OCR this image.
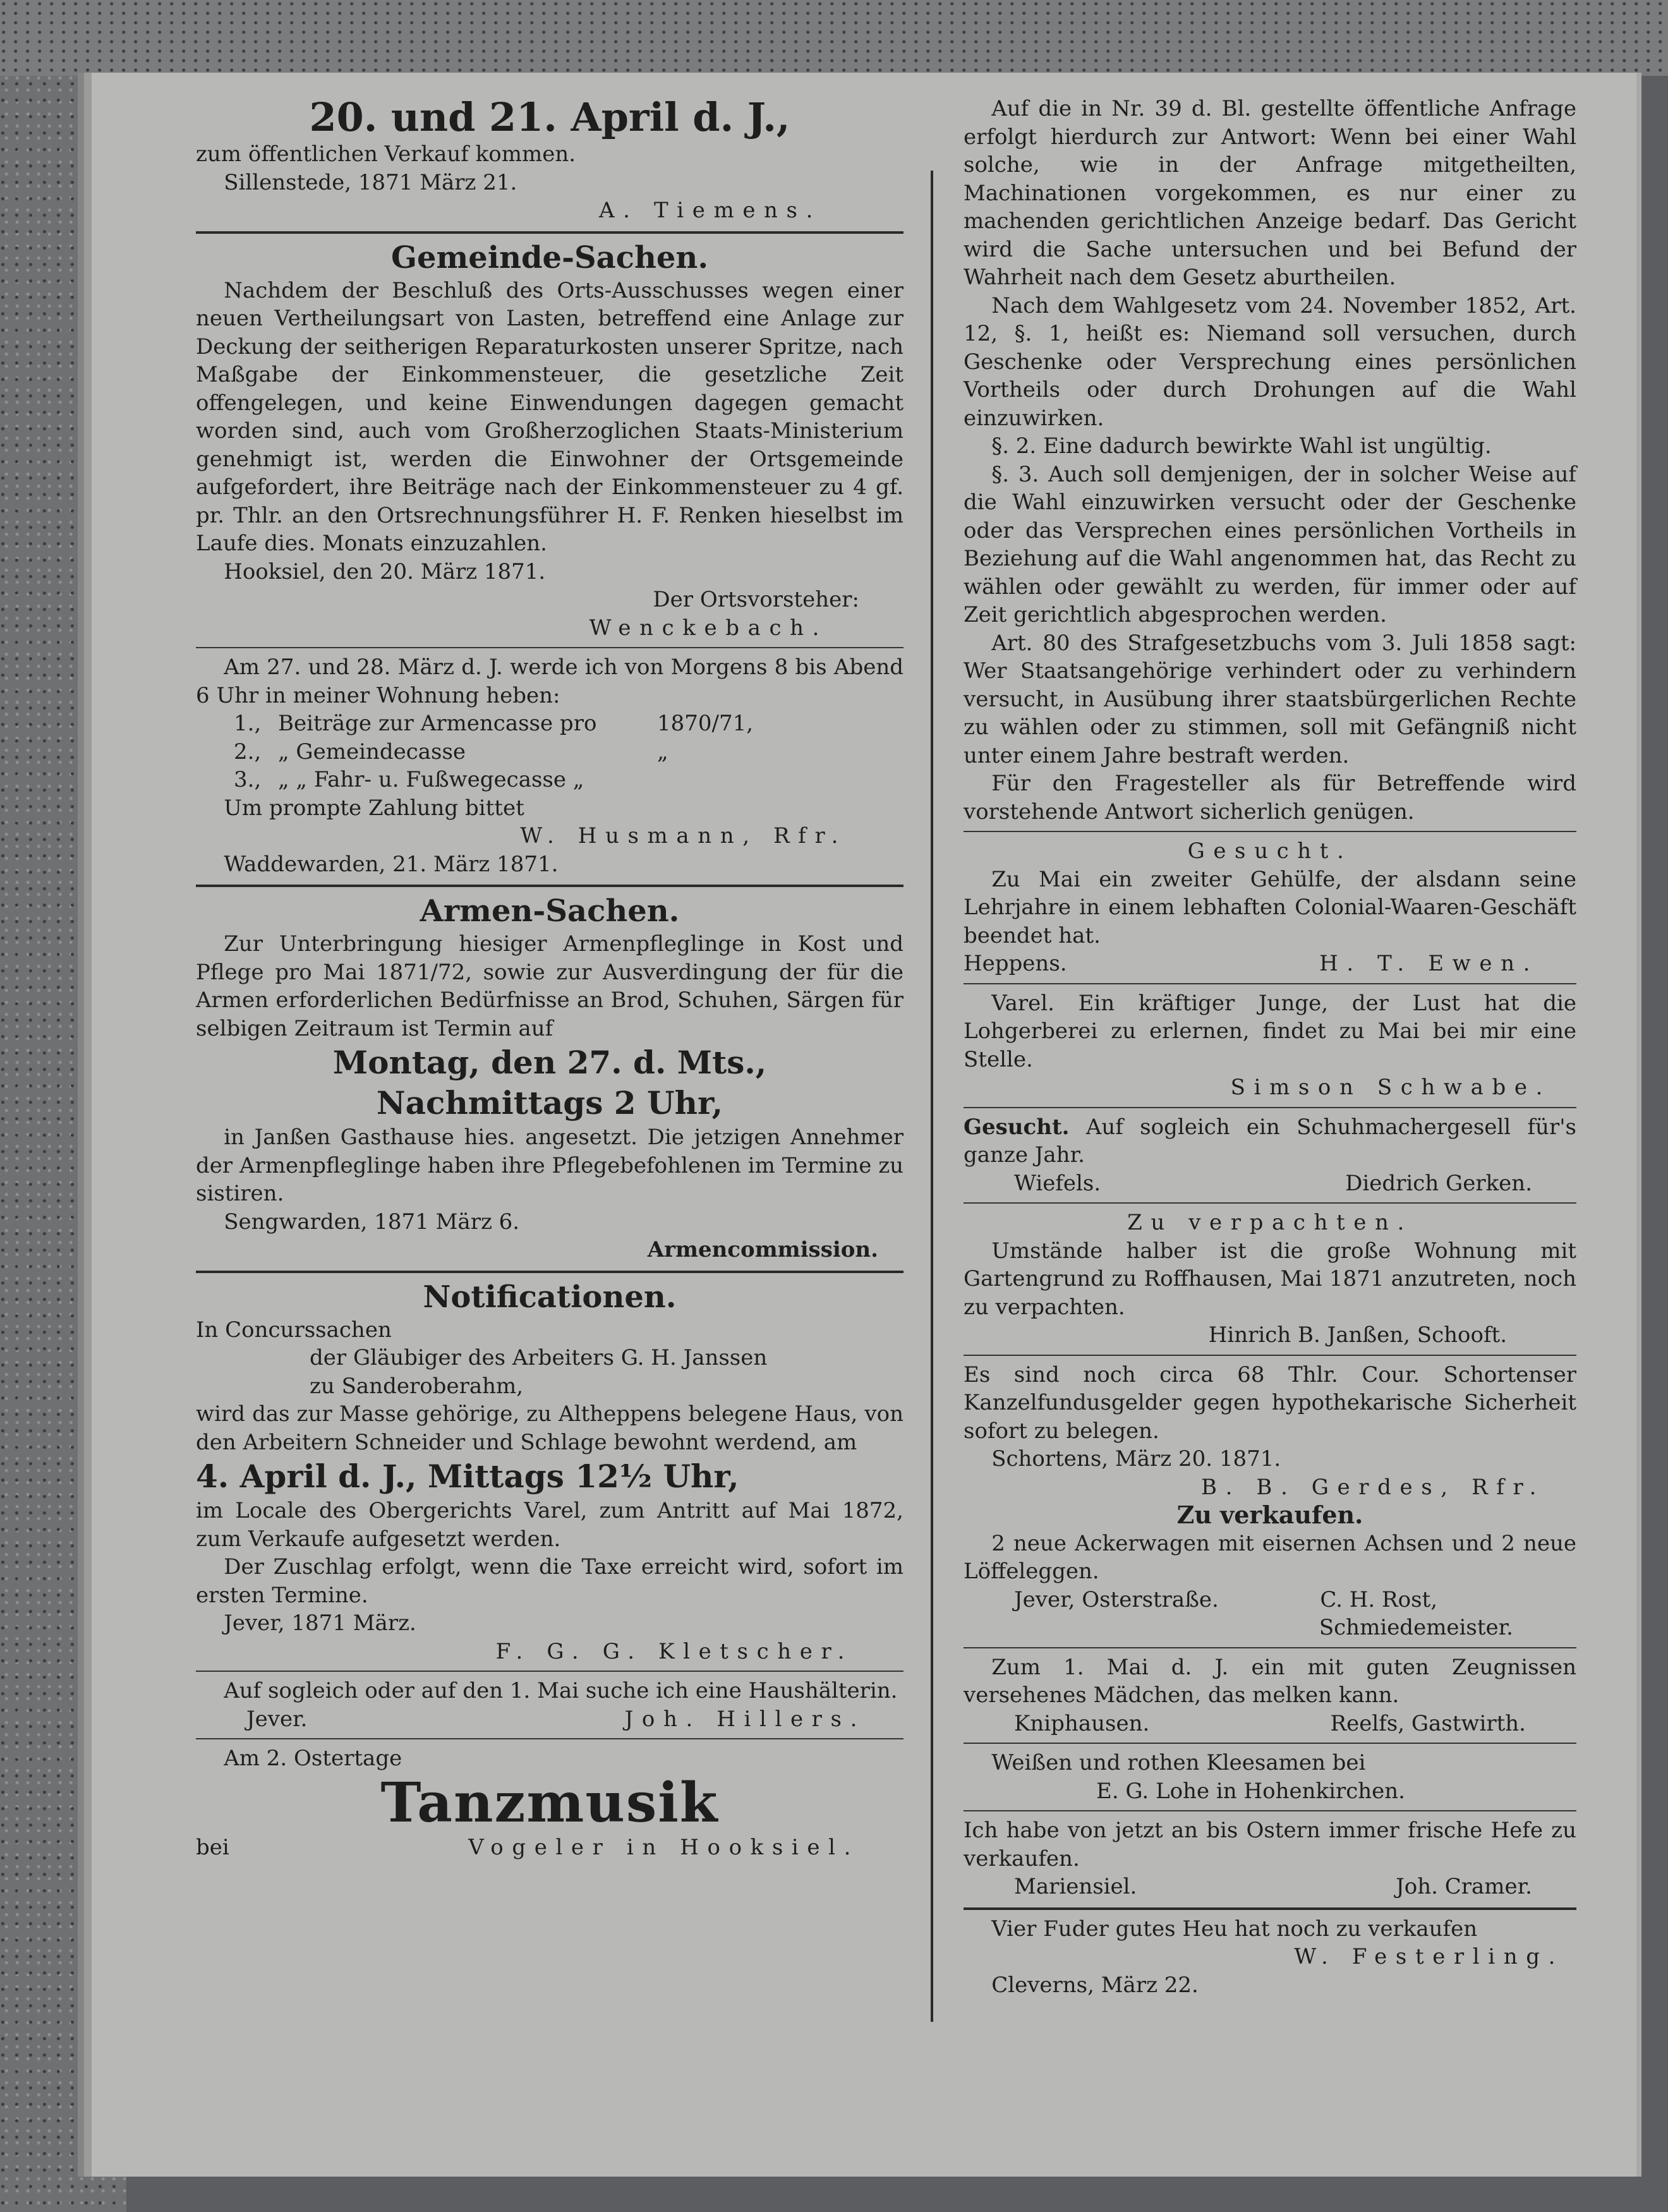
20. und 21. April d. J.,
zum öffentlichen Verkauf kommen.
Sillenstede, 1871 März 21.
A. Tiemens.
Gemeinde-Sachen.
Nachdem der Beschluß des Orts-Ausschusses wegen einer neuen Vertheilungsart von Lasten, betreffend eine Anlage zur Deckung der seitherigen Reparaturkosten unserer Spritze, nach Maßgabe der Einkommensteuer, die gesetzliche Zeit offengelegen, und keine Einwendungen dagegen gemacht worden sind, auch vom Großherzoglichen Staats-Ministerium genehmigt ist, werden die Einwohner der Ortsgemeinde aufgefordert, ihre Beiträge nach der Einkommensteuer zu 4 gf. pr. Thlr. an den Ortsrechnungsführer H. F. Renken hieselbst im Laufe dies. Monats einzuzahlen.
Hooksiel, den 20. März 1871.
Der Ortsvorsteher:
Wenckebach.
Am 27. und 28. März d. J. werde ich von Morgens 8 bis Abend 6 Uhr in meiner Wohnung heben:
1., Beiträge zur Armencasse pro	1870/71,
2., „ Gemeindecasse	„
3., „ „ Fahr- u. Fußwegecasse „
Um prompte Zahlung bittet
W. Husmann, Rfr.
Waddewarden, 21. März 1871.
Armen-Sachen.
Zur Unterbringung hiesiger Armenpfleglinge in Kost und Pflege pro Mai 1871/72, sowie zur Ausverdingung der für die Armen erforderlichen Bedürfnisse an Brod, Schuhen, Särgen für selbigen Zeitraum ist Termin auf
Montag, den 27. d. Mts.,
Nachmittags 2 Uhr,
in Janßen Gasthause hies. angesetzt. Die jetzigen Annehmer der Armenpfleglinge haben ihre Pflegebefohlenen im Termine zu sistiren.
Sengwarden, 1871 März 6.
Armencommission.
Notificationen.
In Concurssachen
der Gläubiger des Arbeiters G. H. Janssen
zu Sanderoberahm,
wird das zur Masse gehörige, zu Altheppens belegene Haus, von den Arbeitern Schneider und Schlage bewohnt werdend, am
4. April d. J., Mittags 12½ Uhr,
im Locale des Obergerichts Varel, zum Antritt auf Mai 1872, zum Verkaufe aufgesetzt werden.
Der Zuschlag erfolgt, wenn die Taxe erreicht wird, sofort im ersten Termine.
Jever, 1871 März.
F. G. G. Kletscher.
Auf sogleich oder auf den 1. Mai suche ich eine Haushälterin.
Jever.	Joh. Hillers.
Am 2. Ostertage
Tanzmusik
bei	Vogeler in Hooksiel.
Auf die in Nr. 39 d. Bl. gestellte öffentliche Anfrage erfolgt hierdurch zur Antwort: Wenn bei einer Wahl solche, wie in der Anfrage mitgetheilten, Machinationen vorgekommen, es nur einer zu machenden gerichtlichen Anzeige bedarf. Das Gericht wird die Sache untersuchen und bei Befund der Wahrheit nach dem Gesetz aburtheilen.
Nach dem Wahlgesetz vom 24. November 1852, Art. 12, §. 1, heißt es: Niemand soll versuchen, durch Geschenke oder Versprechung eines persönlichen Vortheils oder durch Drohungen auf die Wahl einzuwirken.
§. 2. Eine dadurch bewirkte Wahl ist ungültig.
§. 3. Auch soll demjenigen, der in solcher Weise auf die Wahl einzuwirken versucht oder der Geschenke oder das Versprechen eines persönlichen Vortheils in Beziehung auf die Wahl angenommen hat, das Recht zu wählen oder gewählt zu werden, für immer oder auf Zeit gerichtlich abgesprochen werden.
Art. 80 des Strafgesetzbuchs vom 3. Juli 1858 sagt: Wer Staatsangehörige verhindert oder zu verhindern versucht, in Ausübung ihrer staatsbürgerlichen Rechte zu wählen oder zu stimmen, soll mit Gefängniß nicht unter einem Jahre bestraft werden.
Für den Fragesteller als für Betreffende wird vorstehende Antwort sicherlich genügen.
Gesucht.
Zu Mai ein zweiter Gehülfe, der alsdann seine Lehrjahre in einem lebhaften Colonial-Waaren-Geschäft beendet hat.
Heppens.	H. T. Ewen.
Varel. Ein kräftiger Junge, der Lust hat die Lohgerberei zu erlernen, findet zu Mai bei mir eine Stelle.
Simson Schwabe.
Gesucht. Auf sogleich ein Schuhmachergesell für's ganze Jahr.
Wiefels.	Diedrich Gerken.
Zu verpachten.
Umstände halber ist die große Wohnung mit Gartengrund zu Roffhausen, Mai 1871 anzutreten, noch zu verpachten.
Hinrich B. Janßen, Schooft.
Es sind noch circa 68 Thlr. Cour. Schortenser Kanzelfundusgelder gegen hypothekarische Sicherheit sofort zu belegen.
Schortens, März 20. 1871.
B. B. Gerdes, Rfr.
Zu verkaufen.
2 neue Ackerwagen mit eisernen Achsen und 2 neue Löffeleggen.
Jever, Osterstraße.	C. H. Rost,
Schmiedemeister.
Zum 1. Mai d. J. ein mit guten Zeugnissen versehenes Mädchen, das melken kann.
Kniphausen.	Reelfs, Gastwirth.
Weißen und rothen Kleesamen bei
E. G. Lohe in Hohenkirchen.
Ich habe von jetzt an bis Ostern immer frische Hefe zu verkaufen.
Mariensiel.	Joh. Cramer.
Vier Fuder gutes Heu hat noch zu verkaufen
W. Festerling.
Cleverns, März 22.
